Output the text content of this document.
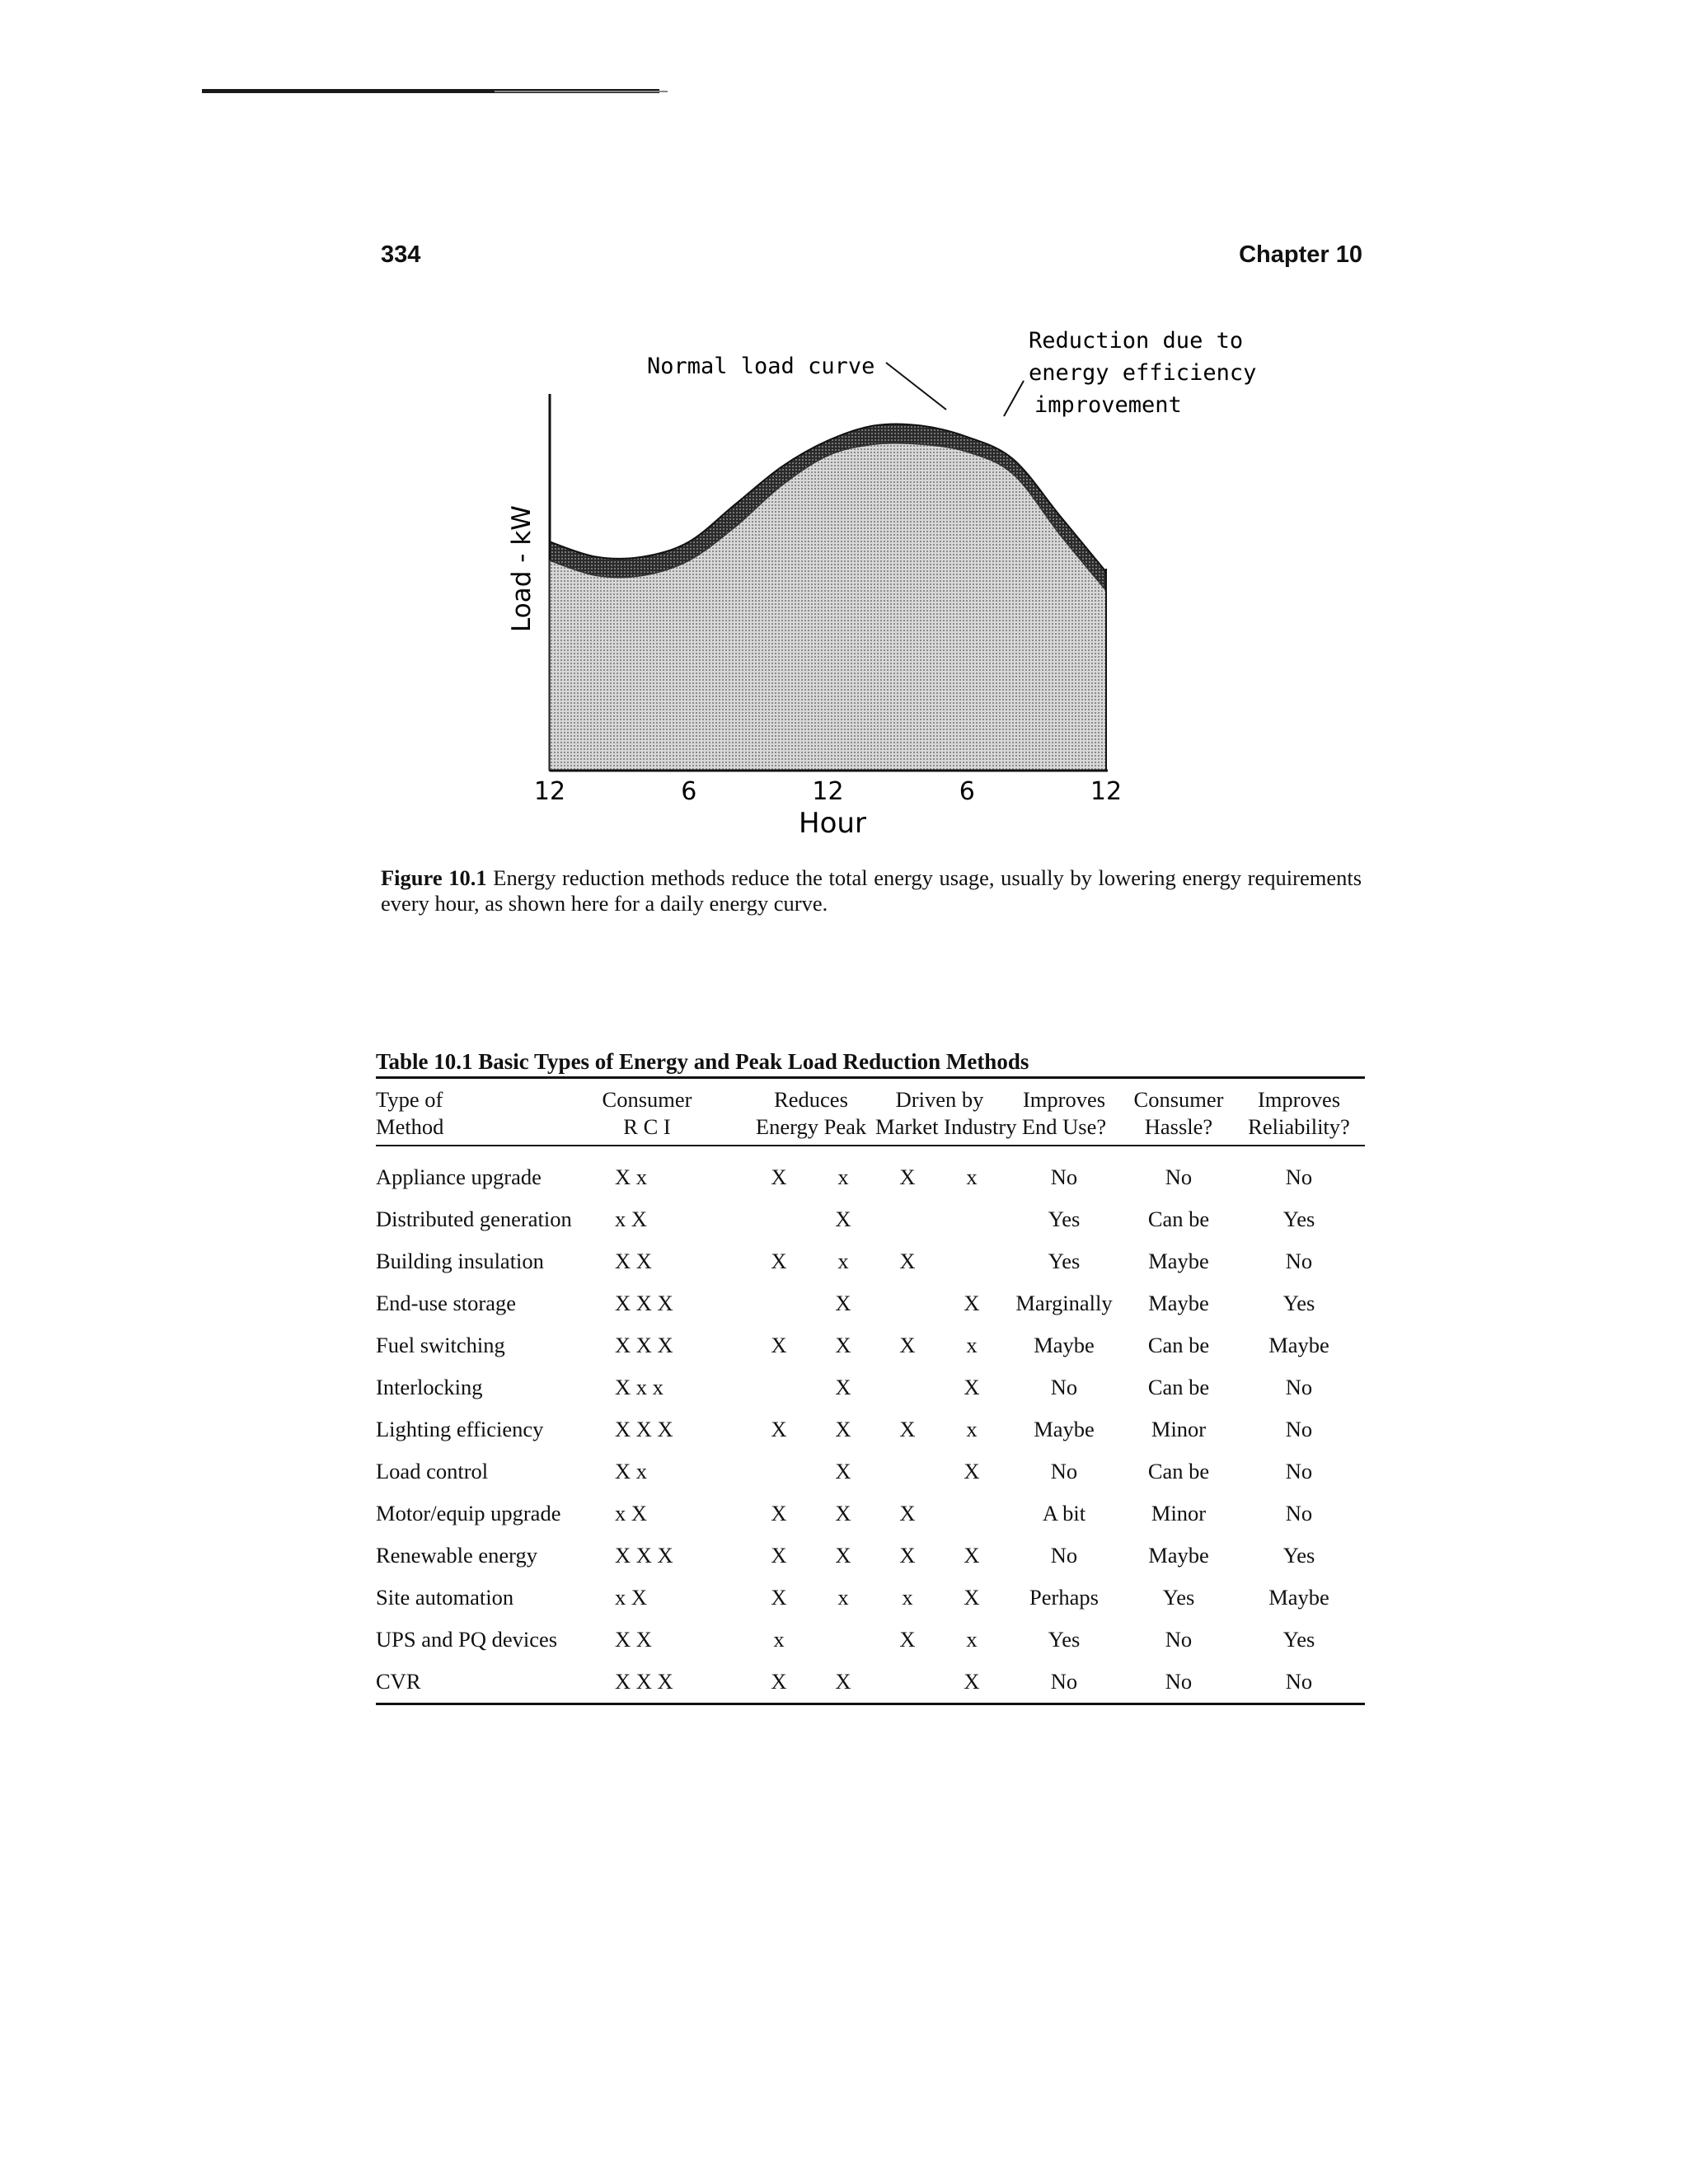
334	Chapter 10
Normal load curve
Reduction due to
energy efficiency
improvement
Load - kW
12	6	12	6	12
Hour
Figure 10.1 Energy reduction methods reduce the total energy usage, usually by lowering energy requirements every hour, as shown here for a daily energy curve.
Table 10.1 Basic Types of Energy and Peak Load Reduction Methods
Type of	Consumer		Reduces		Driven by		Improves	Consumer	Improves
Method	R C I		Energy Peak		Market Industry		End Use?	Hassle?	Reliability?
Appliance upgrade	X x		X	x	X	x	No	No	No
Distributed generation	x X			X			Yes	Can be	Yes
Building insulation	X X		X	x	X		Yes	Maybe	No
End-use storage	X X X			X		X	Marginally	Maybe	Yes
Fuel switching	X X X		X	X	X	x	Maybe	Can be	Maybe
Interlocking	X x x			X		X	No	Can be	No
Lighting efficiency	X X X		X	X	X	x	Maybe	Minor	No
Load control	X x			X		X	No	Can be	No
Motor/equip upgrade	x X		X	X	X		A bit	Minor	No
Renewable energy	X X X		X	X	X	X	No	Maybe	Yes
Site automation	x X		X	x	x	X	Perhaps	Yes	Maybe
UPS and PQ devices	X X		x		X	x	Yes	No	Yes
CVR	X X X		X	X		X	No	No	No
